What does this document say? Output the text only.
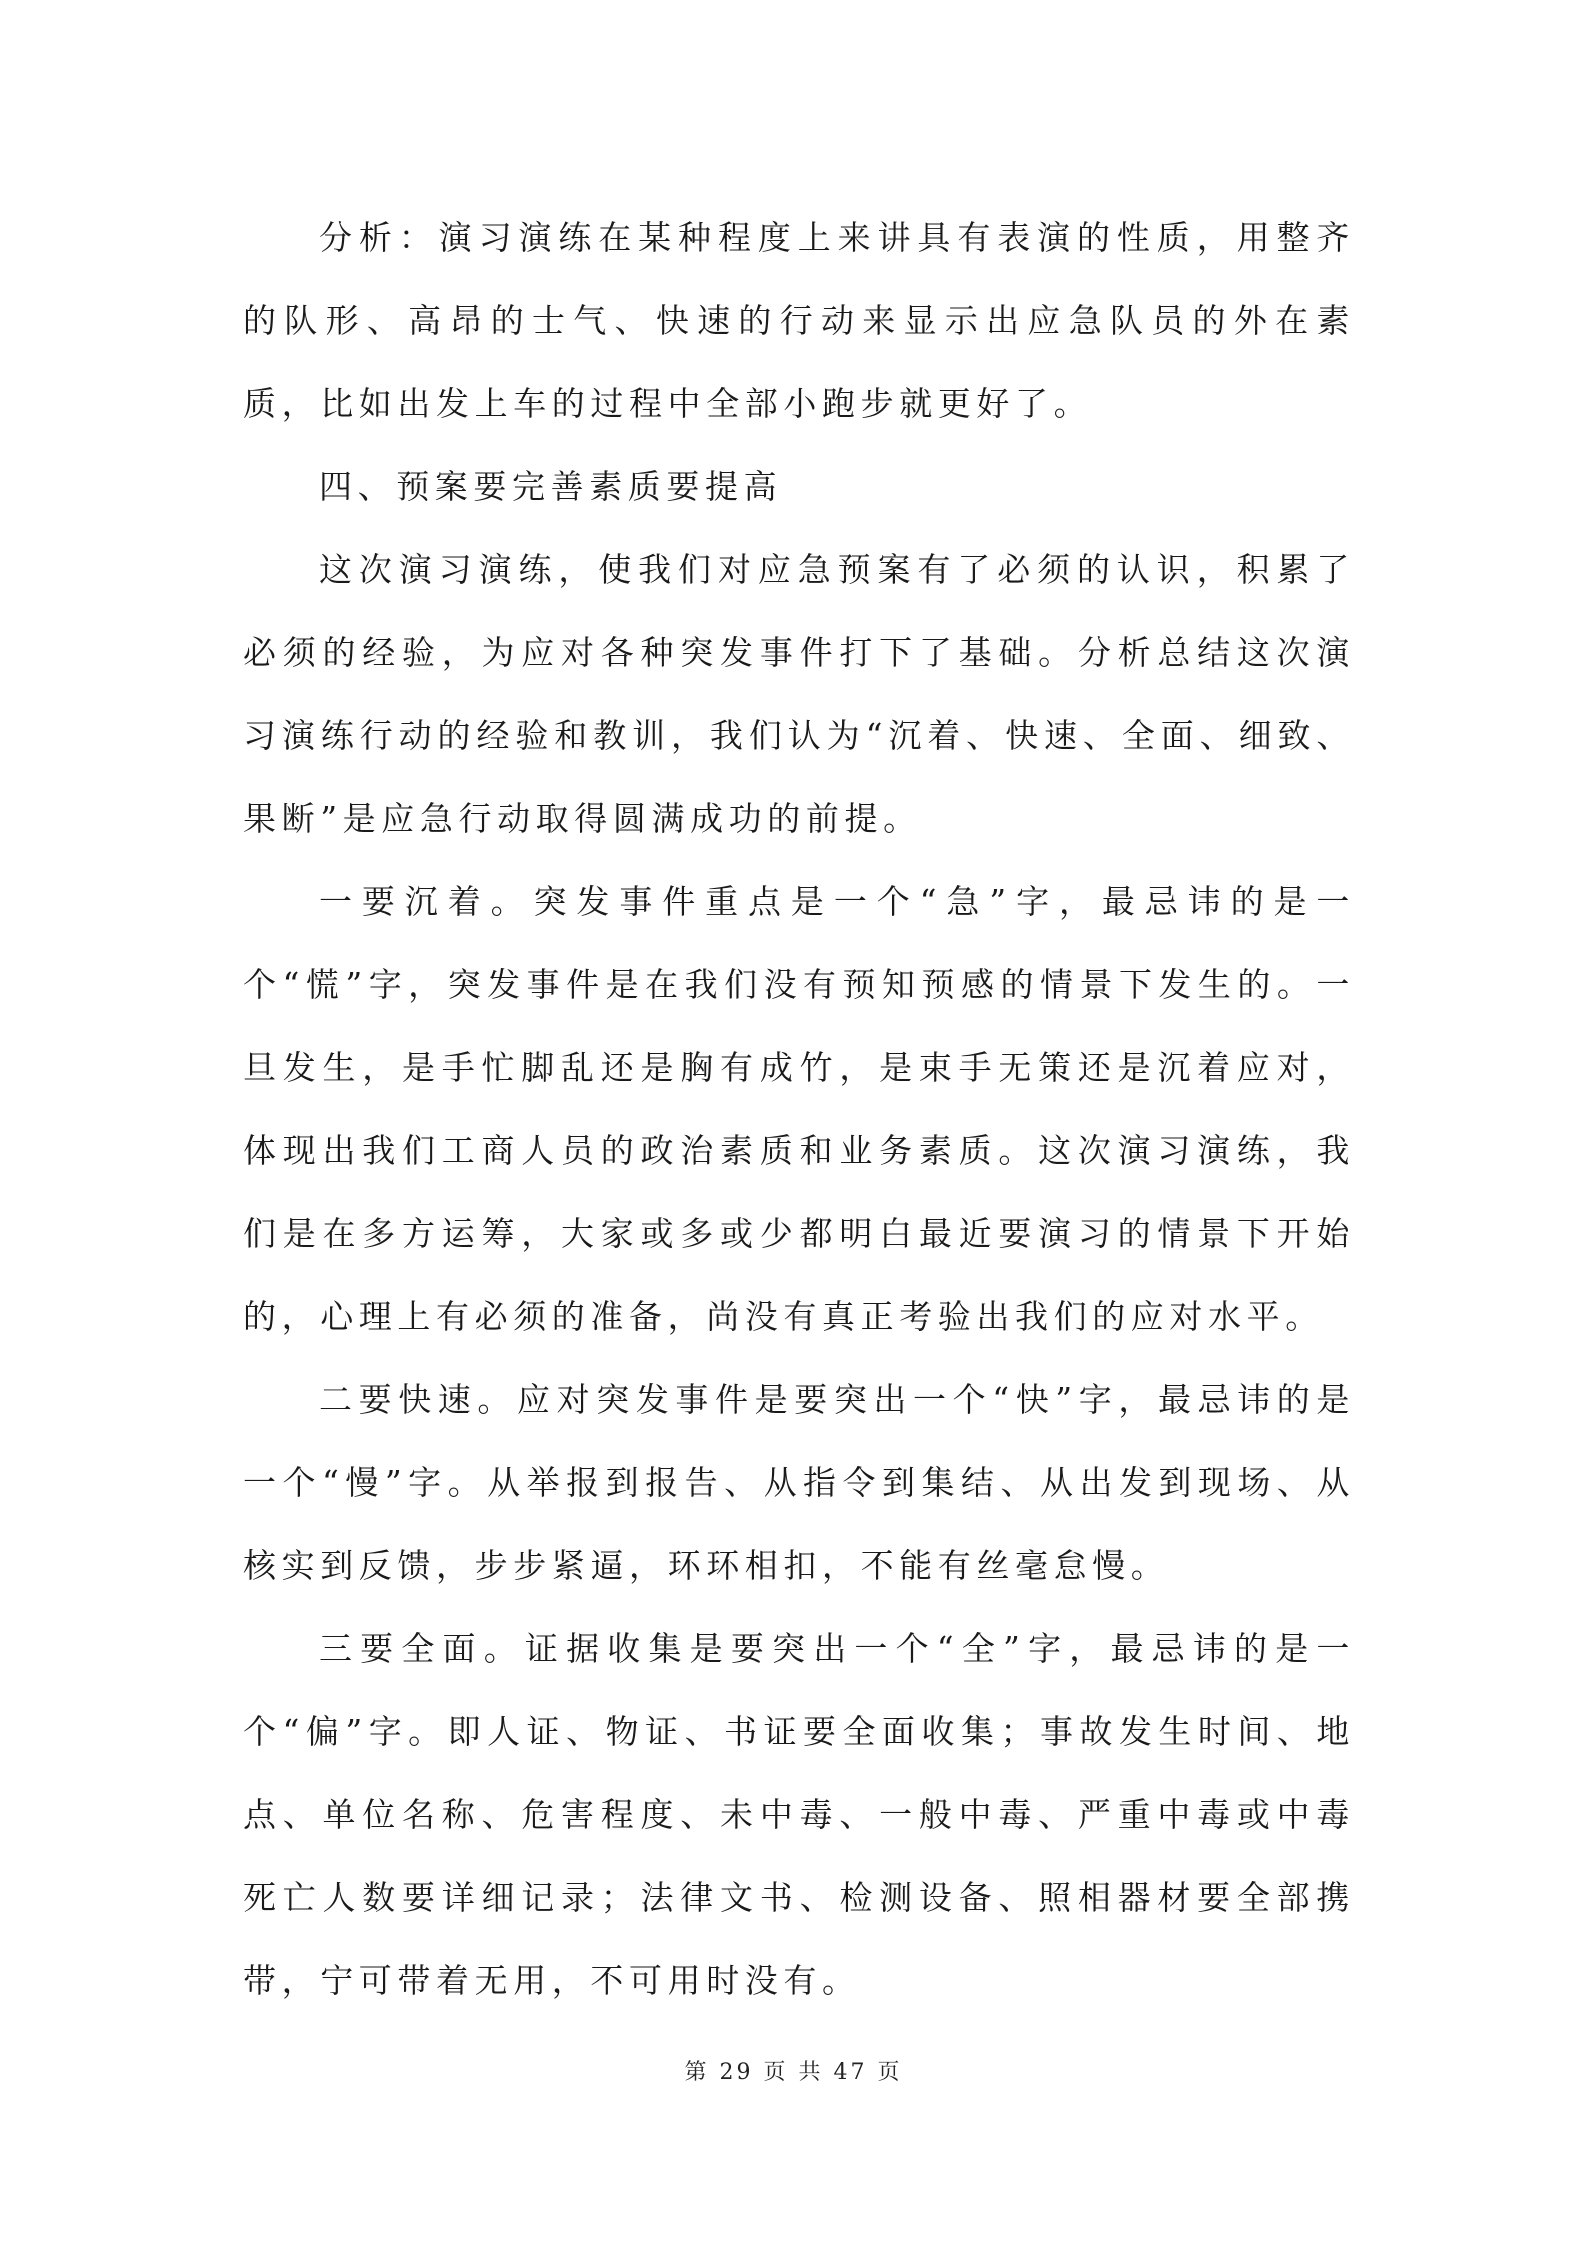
分析：演习演练在某种程度上来讲具有表演的性质，用整齐的队形、高昂的士气、快速的行动来显示出应急队员的外在素质，比如出发上车的过程中全部小跑步就更好了。

四、预案要完善素质要提高

这次演习演练，使我们对应急预案有了必须的认识，积累了必须的经验，为应对各种突发事件打下了基础。分析总结这次演习演练行动的经验和教训，我们认为“沉着、快速、全面、细致、果断”是应急行动取得圆满成功的前提。

一要沉着。突发事件重点是一个“急”字，最忌讳的是一个“慌”字，突发事件是在我们没有预知预感的情景下发生的。一旦发生，是手忙脚乱还是胸有成竹，是束手无策还是沉着应对，体现出我们工商人员的政治素质和业务素质。这次演习演练，我们是在多方运筹，大家或多或少都明白最近要演习的情景下开始的，心理上有必须的准备，尚没有真正考验出我们的应对水平。

二要快速。应对突发事件是要突出一个“快”字，最忌讳的是一个“慢”字。从举报到报告、从指令到集结、从出发到现场、从核实到反馈，步步紧逼，环环相扣，不能有丝毫怠慢。

三要全面。证据收集是要突出一个“全”字，最忌讳的是一个“偏”字。即人证、物证、书证要全面收集；事故发生时间、地点、单位名称、危害程度、未中毒、一般中毒、严重中毒或中毒死亡人数要详细记录；法律文书、检测设备、照相器材要全部携带，宁可带着无用，不可用时没有。

第 29 页 共 47 页
